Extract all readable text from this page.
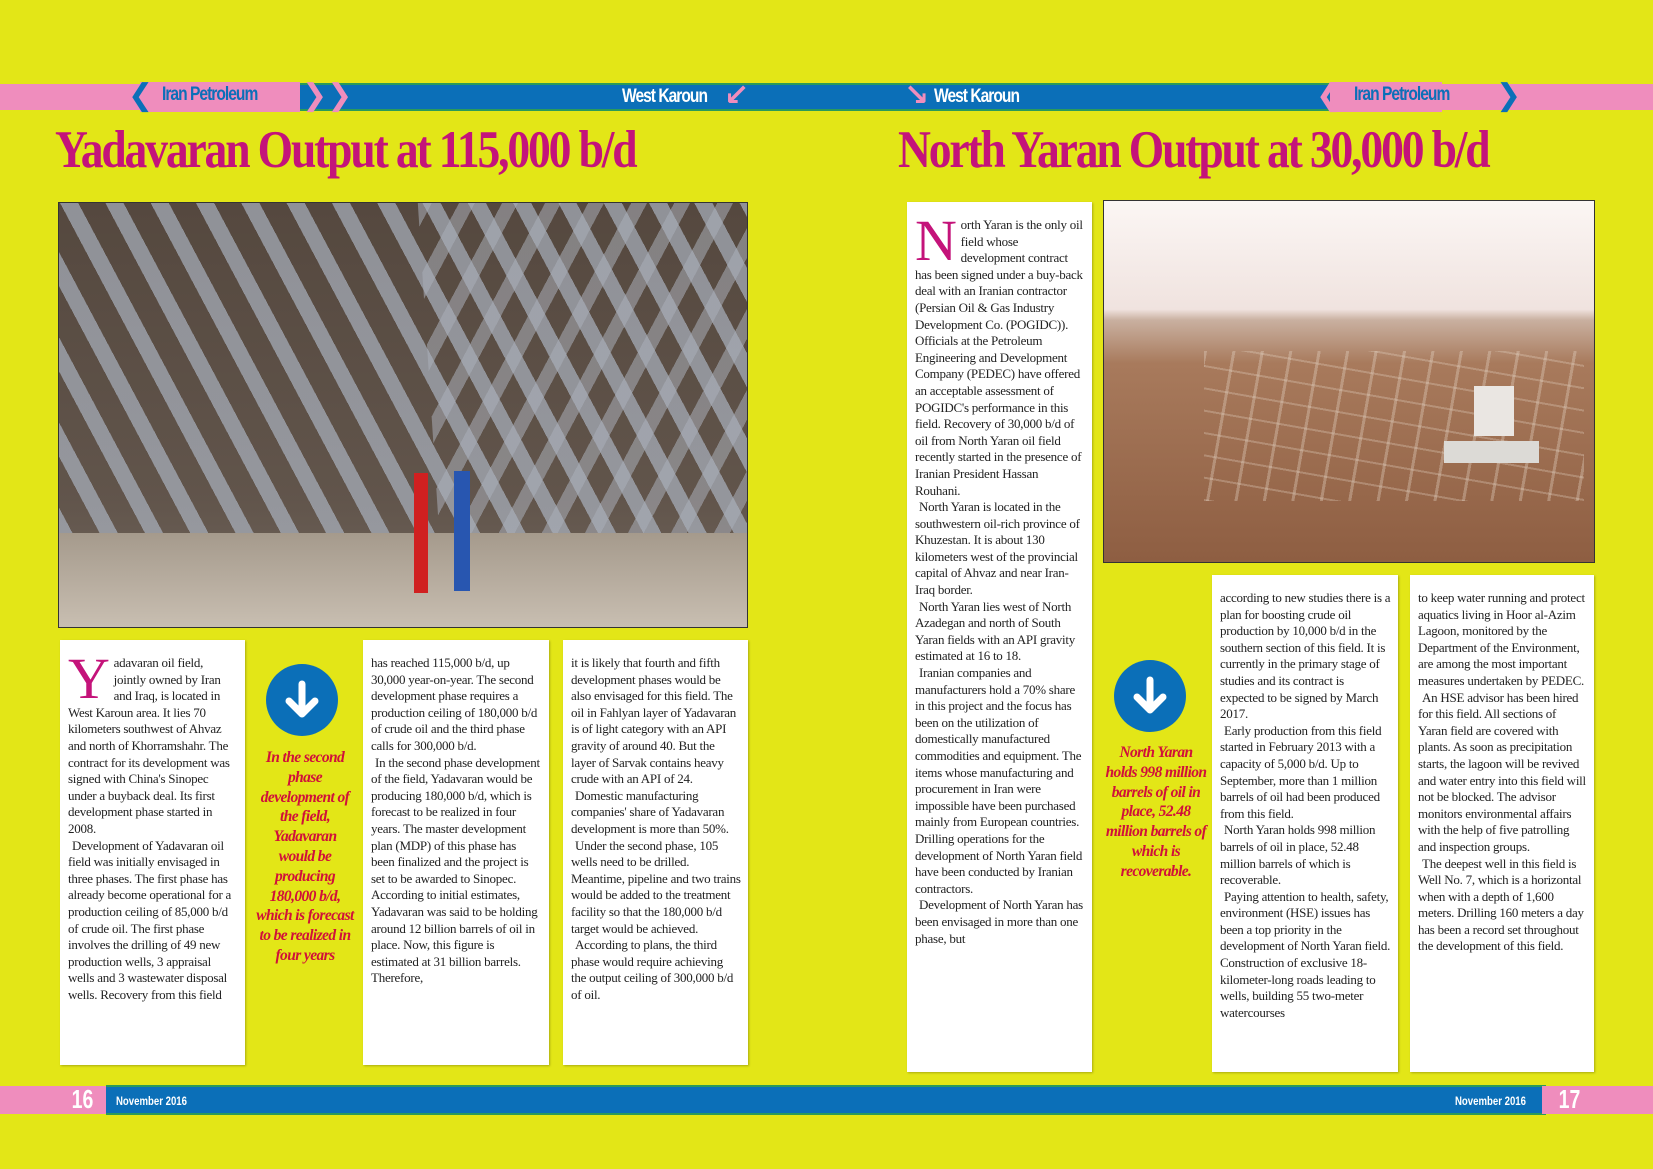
❮ Iran Petroleum ❯❯	West Karoun ↙	↘ West Karoun	❮ Iran Petroleum ❯
Yadavaran Output at 115,000 b/d	North Yaran Output at 30,000 b/d

Yadavaran oil field, jointly owned by Iran and Iraq, is located in West Karoun area. It lies 70 kilometers southwest of Ahvaz and north of Khorramshahr. The contract for its development was signed with China's Sinopec under a buyback deal. Its first development phase started in 2008.

Development of Yadavaran oil field was initially envisaged in three phases. The first phase has already become operational for a production ceiling of 85,000 b/d of crude oil. The first phase involves the drilling of 49 new production wells, 3 appraisal wells and 3 wastewater disposal wells. Recovery from this field

In the second phase development of the field, Yadavaran would be producing 180,000 b/d, which is forecast to be realized in four years

has reached 115,000 b/d, up 30,000 year-on-year. The second development phase requires a production ceiling of 180,000 b/d of crude oil and the third phase calls for 300,000 b/d.

In the second phase development of the field, Yadavaran would be producing 180,000 b/d, which is forecast to be realized in four years. The master development plan (MDP) of this phase has been finalized and the project is set to be awarded to Sinopec. According to initial estimates, Yadavaran was said to be holding around 12 billion barrels of oil in place. Now, this figure is estimated at 31 billion barrels. Therefore,

it is likely that fourth and fifth development phases would be also envisaged for this field. The oil in Fahlyan layer of Yadavaran is of light category with an API gravity of around 40. But the layer of Sarvak contains heavy crude with an API of 24.

Domestic manufacturing companies' share of Yadavaran development is more than 50%.

Under the second phase, 105 wells need to be drilled. Meantime, pipeline and two trains would be added to the treatment facility so that the 180,000 b/d target would be achieved.

According to plans, the third phase would require achieving the output ceiling of 300,000 b/d of oil.

North Yaran is the only oil field whose development contract has been signed under a buy-back deal with an Iranian contractor (Persian Oil & Gas Industry Development Co. (POGIDC)). Officials at the Petroleum Engineering and Development Company (PEDEC) have offered an acceptable assessment of POGIDC's performance in this field. Recovery of 30,000 b/d of oil from North Yaran oil field recently started in the presence of Iranian President Hassan Rouhani.

North Yaran is located in the southwestern oil-rich province of Khuzestan. It is about 130 kilometers west of the provincial capital of Ahvaz and near Iran-Iraq border.

North Yaran lies west of North Azadegan and north of South Yaran fields with an API gravity estimated at 16 to 18.

Iranian companies and manufacturers hold a 70% share in this project and the focus has been on the utilization of domestically manufactured commodities and equipment. The items whose manufacturing and procurement in Iran were impossible have been purchased mainly from European countries. Drilling operations for the development of North Yaran field have been conducted by Iranian contractors.

Development of North Yaran has been envisaged in more than one phase, but

North Yaran holds 998 million barrels of oil in place, 52.48 million barrels of which is recoverable.

according to new studies there is a plan for boosting crude oil production by 10,000 b/d in the southern section of this field. It is currently in the primary stage of studies and its contract is expected to be signed by March 2017.

Early production from this field started in February 2013 with a capacity of 5,000 b/d. Up to September, more than 1 million barrels of oil had been produced from this field.

North Yaran holds 998 million barrels of oil in place, 52.48 million barrels of which is recoverable.

Paying attention to health, safety, environment (HSE) issues has been a top priority in the development of North Yaran field. Construction of exclusive 18-kilometer-long roads leading to wells, building 55 two-meter watercourses

to keep water running and protect aquatics living in Hoor al-Azim Lagoon, monitored by the Department of the Environment, are among the most important measures undertaken by PEDEC.

An HSE advisor has been hired for this field. All sections of Yaran field are covered with plants. As soon as precipitation starts, the lagoon will be revived and water entry into this field will not be blocked. The advisor monitors environmental affairs with the help of five patrolling and inspection groups.

The deepest well in this field is Well No. 7, which is a horizontal when with a depth of 1,600 meters. Drilling 160 meters a day has been a record set throughout the development of this field.

16 November 2016	November 2016 17
